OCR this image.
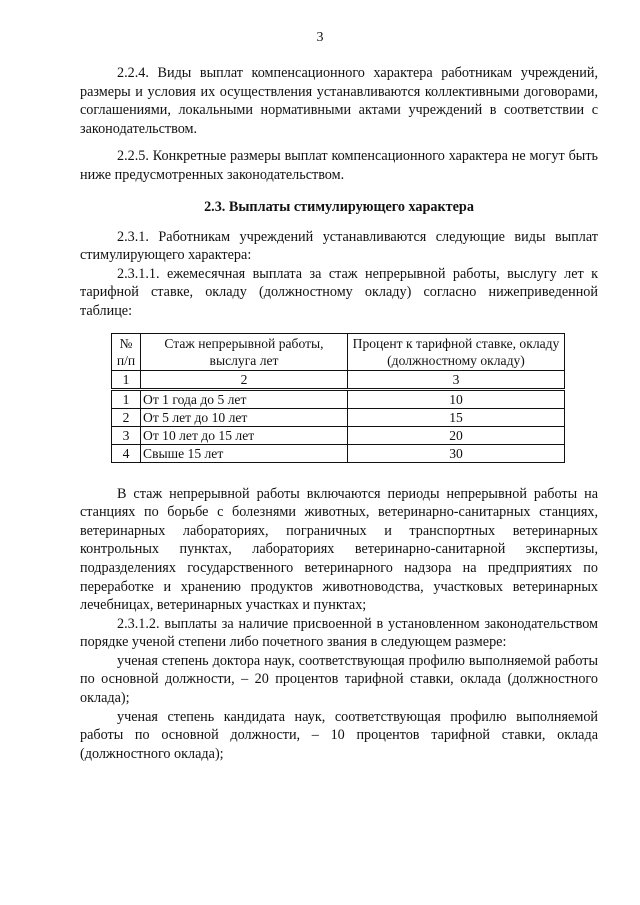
3

2.2.4. Виды выплат компенсационного характера работникам учреждений, размеры и условия их осуществления устанавливаются коллективными договорами, соглашениями, локальными нормативными актами учреждений в соответствии с законодательством.

2.2.5. Конкретные размеры выплат компенсационного характера не могут быть ниже предусмотренных законодательством.

2.3. Выплаты стимулирующего характера

2.3.1. Работникам учреждений устанавливаются следующие виды выплат стимулирующего характера:

2.3.1.1. ежемесячная выплата за стаж непрерывной работы, выслугу лет к тарифной ставке, окладу (должностному окладу) согласно нижеприведенной таблице:

№ п/п	Стаж непрерывной работы, выслуга лет	Процент к тарифной ставке, окладу (должностному окладу)
1	2	3
1	От 1 года до 5 лет	10
2	От 5 лет до 10 лет	15
3	От 10 лет до 15 лет	20
4	Свыше 15 лет	30

В стаж непрерывной работы включаются периоды непрерывной работы на станциях по борьбе с болезнями животных, ветеринарно-санитарных станциях, ветеринарных лабораториях, пограничных и транспортных ветеринарных контрольных пунктах, лабораториях ветеринарно-санитарной экспертизы, подразделениях государственного ветеринарного надзора на предприятиях по переработке и хранению продуктов животноводства, участковых ветеринарных лечебницах, ветеринарных участках и пунктах;

2.3.1.2. выплаты за наличие присвоенной в установленном законодательством порядке ученой степени либо почетного звания в следующем размере:

ученая степень доктора наук, соответствующая профилю выполняемой работы по основной должности, – 20 процентов тарифной ставки, оклада (должностного оклада);

ученая степень кандидата наук, соответствующая профилю выполняемой работы по основной должности, – 10 процентов тарифной ставки, оклада (должностного оклада);
